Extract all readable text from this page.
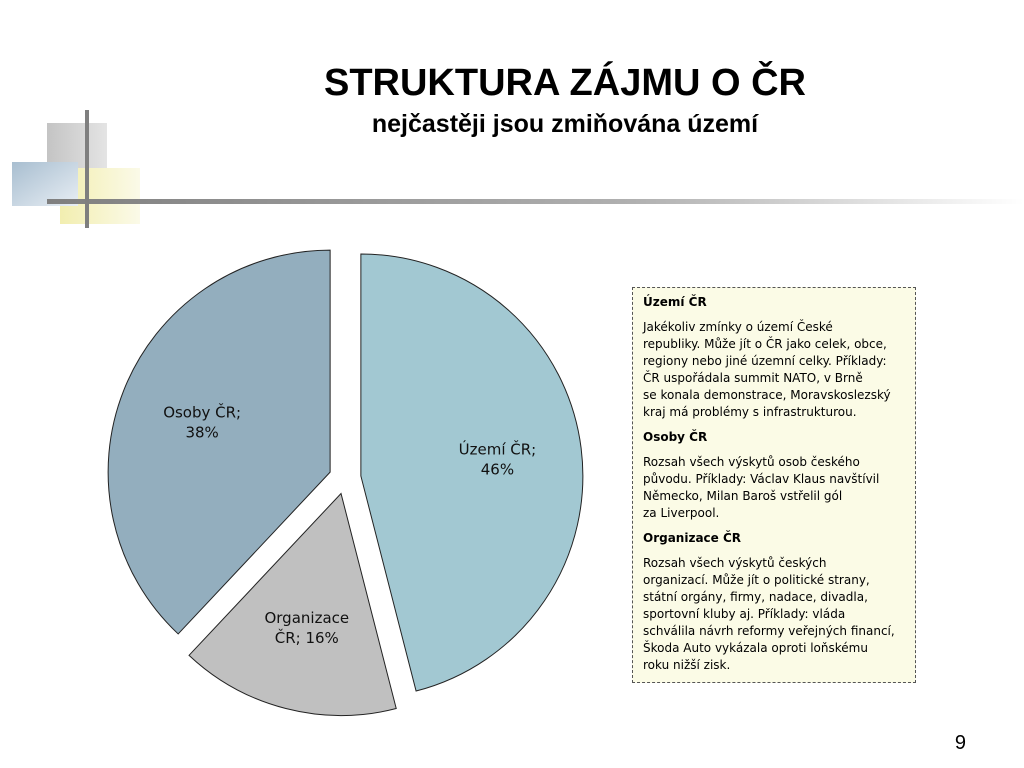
STRUKTURA ZÁJMU O ČR
nejčastěji jsou zmiňována území
Území ČR; 46%
Organizace ČR; 16%
Osoby ČR; 38%
Území ČR
Jakékoliv zmínky o území České
republiky. Může jít o ČR jako celek, obce,
regiony nebo jiné územní celky. Příklady:
ČR uspořádala summit NATO, v Brně
se konala demonstrace, Moravskoslezský
kraj má problémy s infrastrukturou.
Osoby ČR
Rozsah všech výskytů osob českého
původu. Příklady: Václav Klaus navštívil
Německo, Milan Baroš vstřelil gól
za Liverpool.
Organizace ČR
Rozsah všech výskytů českých
organizací. Může jít o politické strany,
státní orgány, firmy, nadace, divadla,
sportovní kluby aj. Příklady: vláda
schválila návrh reformy veřejných financí,
Škoda Auto vykázala oproti loňskému
roku nižší zisk.
9
